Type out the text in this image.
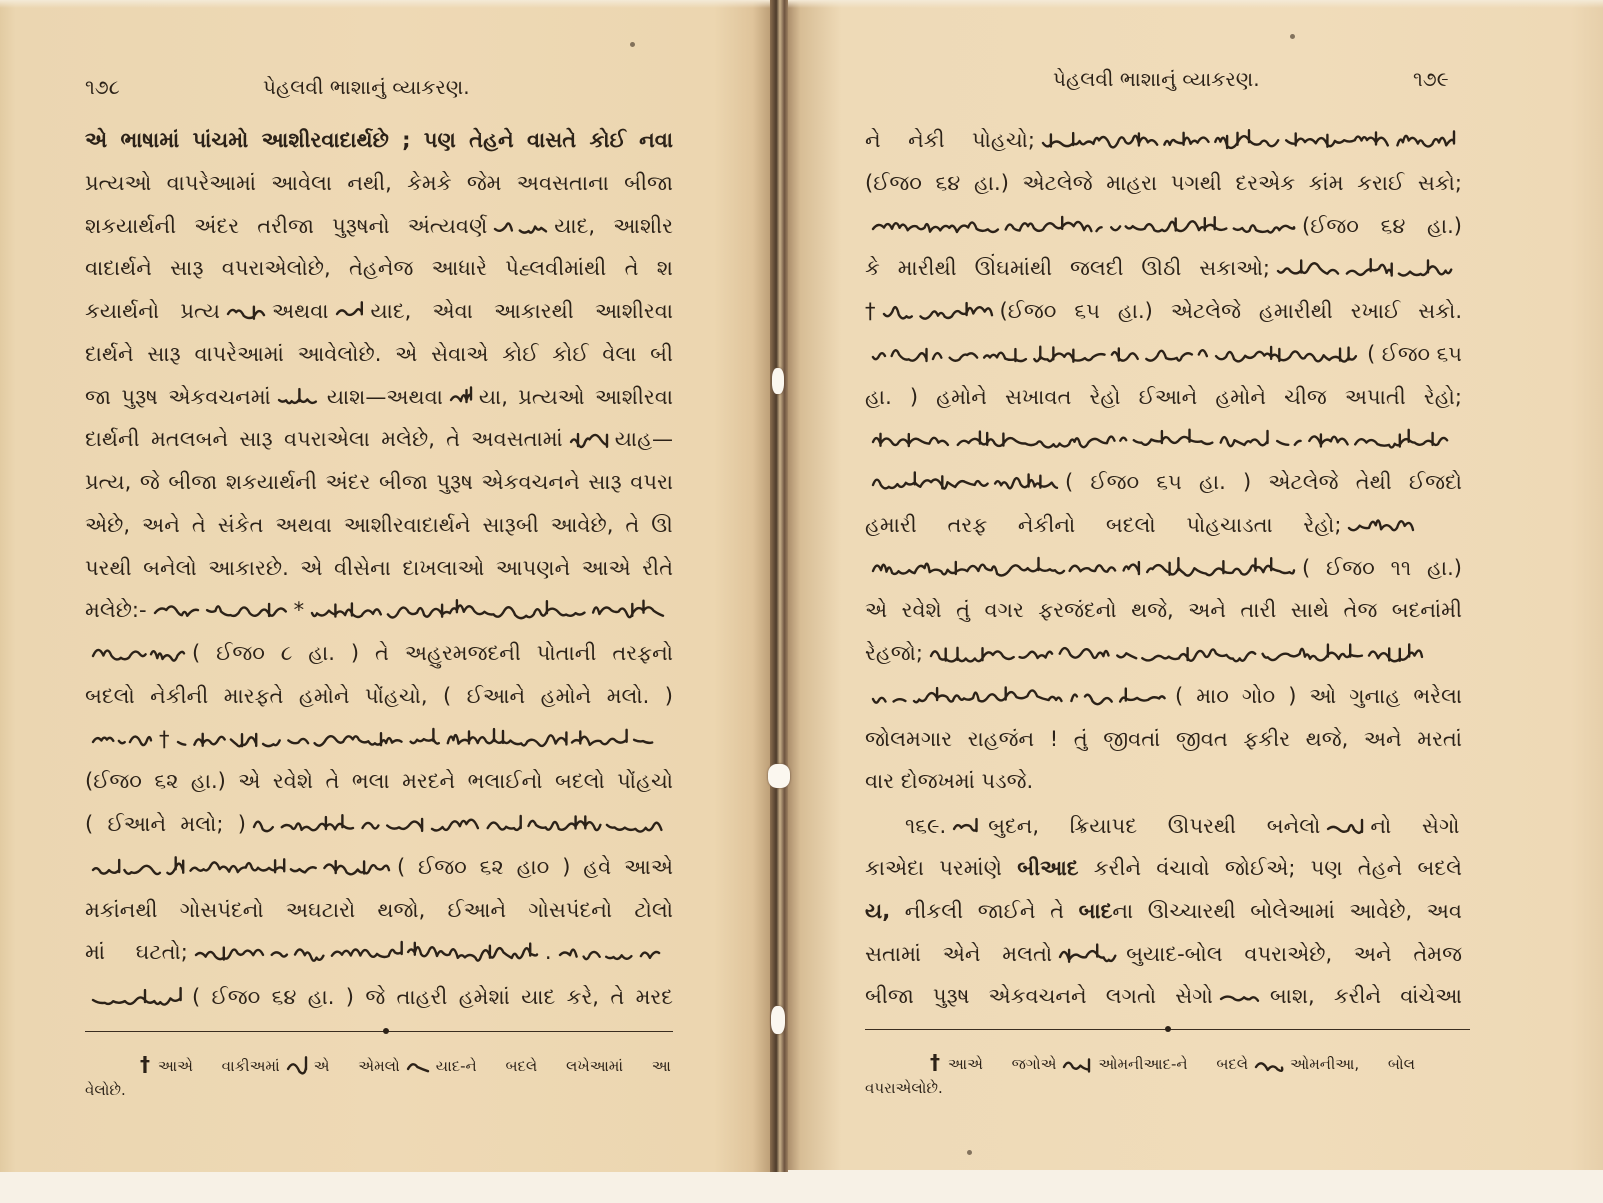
૧૭૮	પેહલવી ભાશાનું વ્યાકરણ.
એ ભાષામાં પાંચમો આશીરવાદાર્થછે ; પણ તેહને વાસતે કોઈ નવા
પ્રત્યઓ વાપરેઆમાં આવેલા નથી, કેમકે જેમ અવસતાના બીજા
શકયાર્થની અંદર તરીજા પુરૂષનો અંત્યવર્ણ	યાદ, આશીર
વાદાર્થને સારૂ વપરાએલોછે, તેહનેજ આધારે પેહ્લવીમાંથી તે શ
કયાર્થનો પ્રત્ય અથવા યાદ, એવા આકારથી આશીરવા
દાર્થને સારૂ વાપરેઆમાં આવેલોછે. એ સેવાએ કોઈ કોઈ વેલા બી
જા પુરૂષ એકવચનમાં	યાશ—અથવા યા, પ્રત્યઓ આશીરવા
દાર્થની મતલબને સારૂ વપરાએલા મલેછે, તે અવસતામાં યાહ—
પ્રત્ય, જે બીજા શકયાર્થની અંદર બીજા પુરૂષ એકવચનને સારૂ વપરા
એછે, અને તે સંકેત અથવા આશીરવાદાર્થને સારૂબી આવેછે, તે ઊ
પરથી બનેલો આકારછે. એ વીસેના દાખલાઓ આપણને આએ રીતે
મલેછે:-	*
( ઈજ૦ ૮ હા. ) તે અહુરમજદની પોતાની તરફનો
બદલો નેકીની મારફતે હમોને પોંહચો, ( ઈઆને હમોને મલો. )
†
(ઈજ૦ ૬૨ હા.) એ રવેશે તે ભલા મરદને ભલાઈનો બદલો પોંહચો
( ઈઆને મલો; )
( ઈજ૦ ૬૨ હા૦ ) હવે આએ
મકાંનથી ગોસપંદનો અઘટારો થજો, ઈઆને ગોસપંદનો ટોલો
માં ઘટતો;	.
( ઈજ૦ ૬૪ હા. ) જે તાહરી હમેશાં યાદ કરે, તે મરદ
† આએ વાકીઅમાં એ એમલો યાદ-ને બદલે લખેઆમાં આ
વેલોછે.
પેહલવી ભાશાનું વ્યાકરણ.	૧૭૯
ને નેકી પોહચો;
(ઈજ૦ ૬૪ હા.) એટલેજે માહરા પગથી દરએક કાંમ કરાઈ સકો;
(ઈજ૦ ૬૪ હા.)
કે મારીથી ઊંઘમાંથી જલદી ઊઠી સકાઓ;
†	(ઈજ૦ ૬૫ હા.) એટલેજે હમારીથી રખાઈ સકો.
( ઈજ૦ ૬૫
હા. ) હમોને સખાવત રેહો ઈઆને હમોને ચીજ અપાતી રેહો;
( ઈજ૦ ૬૫ હા. ) એટલેજે તેથી ઈજદો
હમારી તરફ નેકીનો બદલો પોહચાડતા રેહો;
( ઈજ૦ ૧૧ હા.)
એ રવેશે તું વગર ફરજંદનો થજે, અને તારી સાથે તેજ બદનાંમી
રેહજો;
( મા૦ ગો૦ ) ઓ ગુનાહ ભરેલા
જોલમગાર રાહજંન ! તું જીવતાં જીવત ફકીર થજે, અને મરતાં
વાર દોજખમાં પડજે.
૧૬૯. બુદન, ક્રિયાપદ ઊપરથી બનેલો નો સેગો
કાએદા પરમાંણે બીઆદ કરીને વંચાવો જોઈએ; પણ તેહને બદલે
ય, નીકલી જાઈને તે બાદના ઊચ્ચારથી બોલેઆમાં આવેછે, અવ
સતામાં એને મલતો	બુયાદ-બોલ વપરાએછે, અને તેમજ
બીજા પુરૂષ એકવચનને લગતો સેગો	બાશ, કરીને વાંચેઆ
† આએ જગોએ	ઓમનીઆદ-ને બદલે	ઓમનીઆ, બોલ
વપરાએલોછે.
